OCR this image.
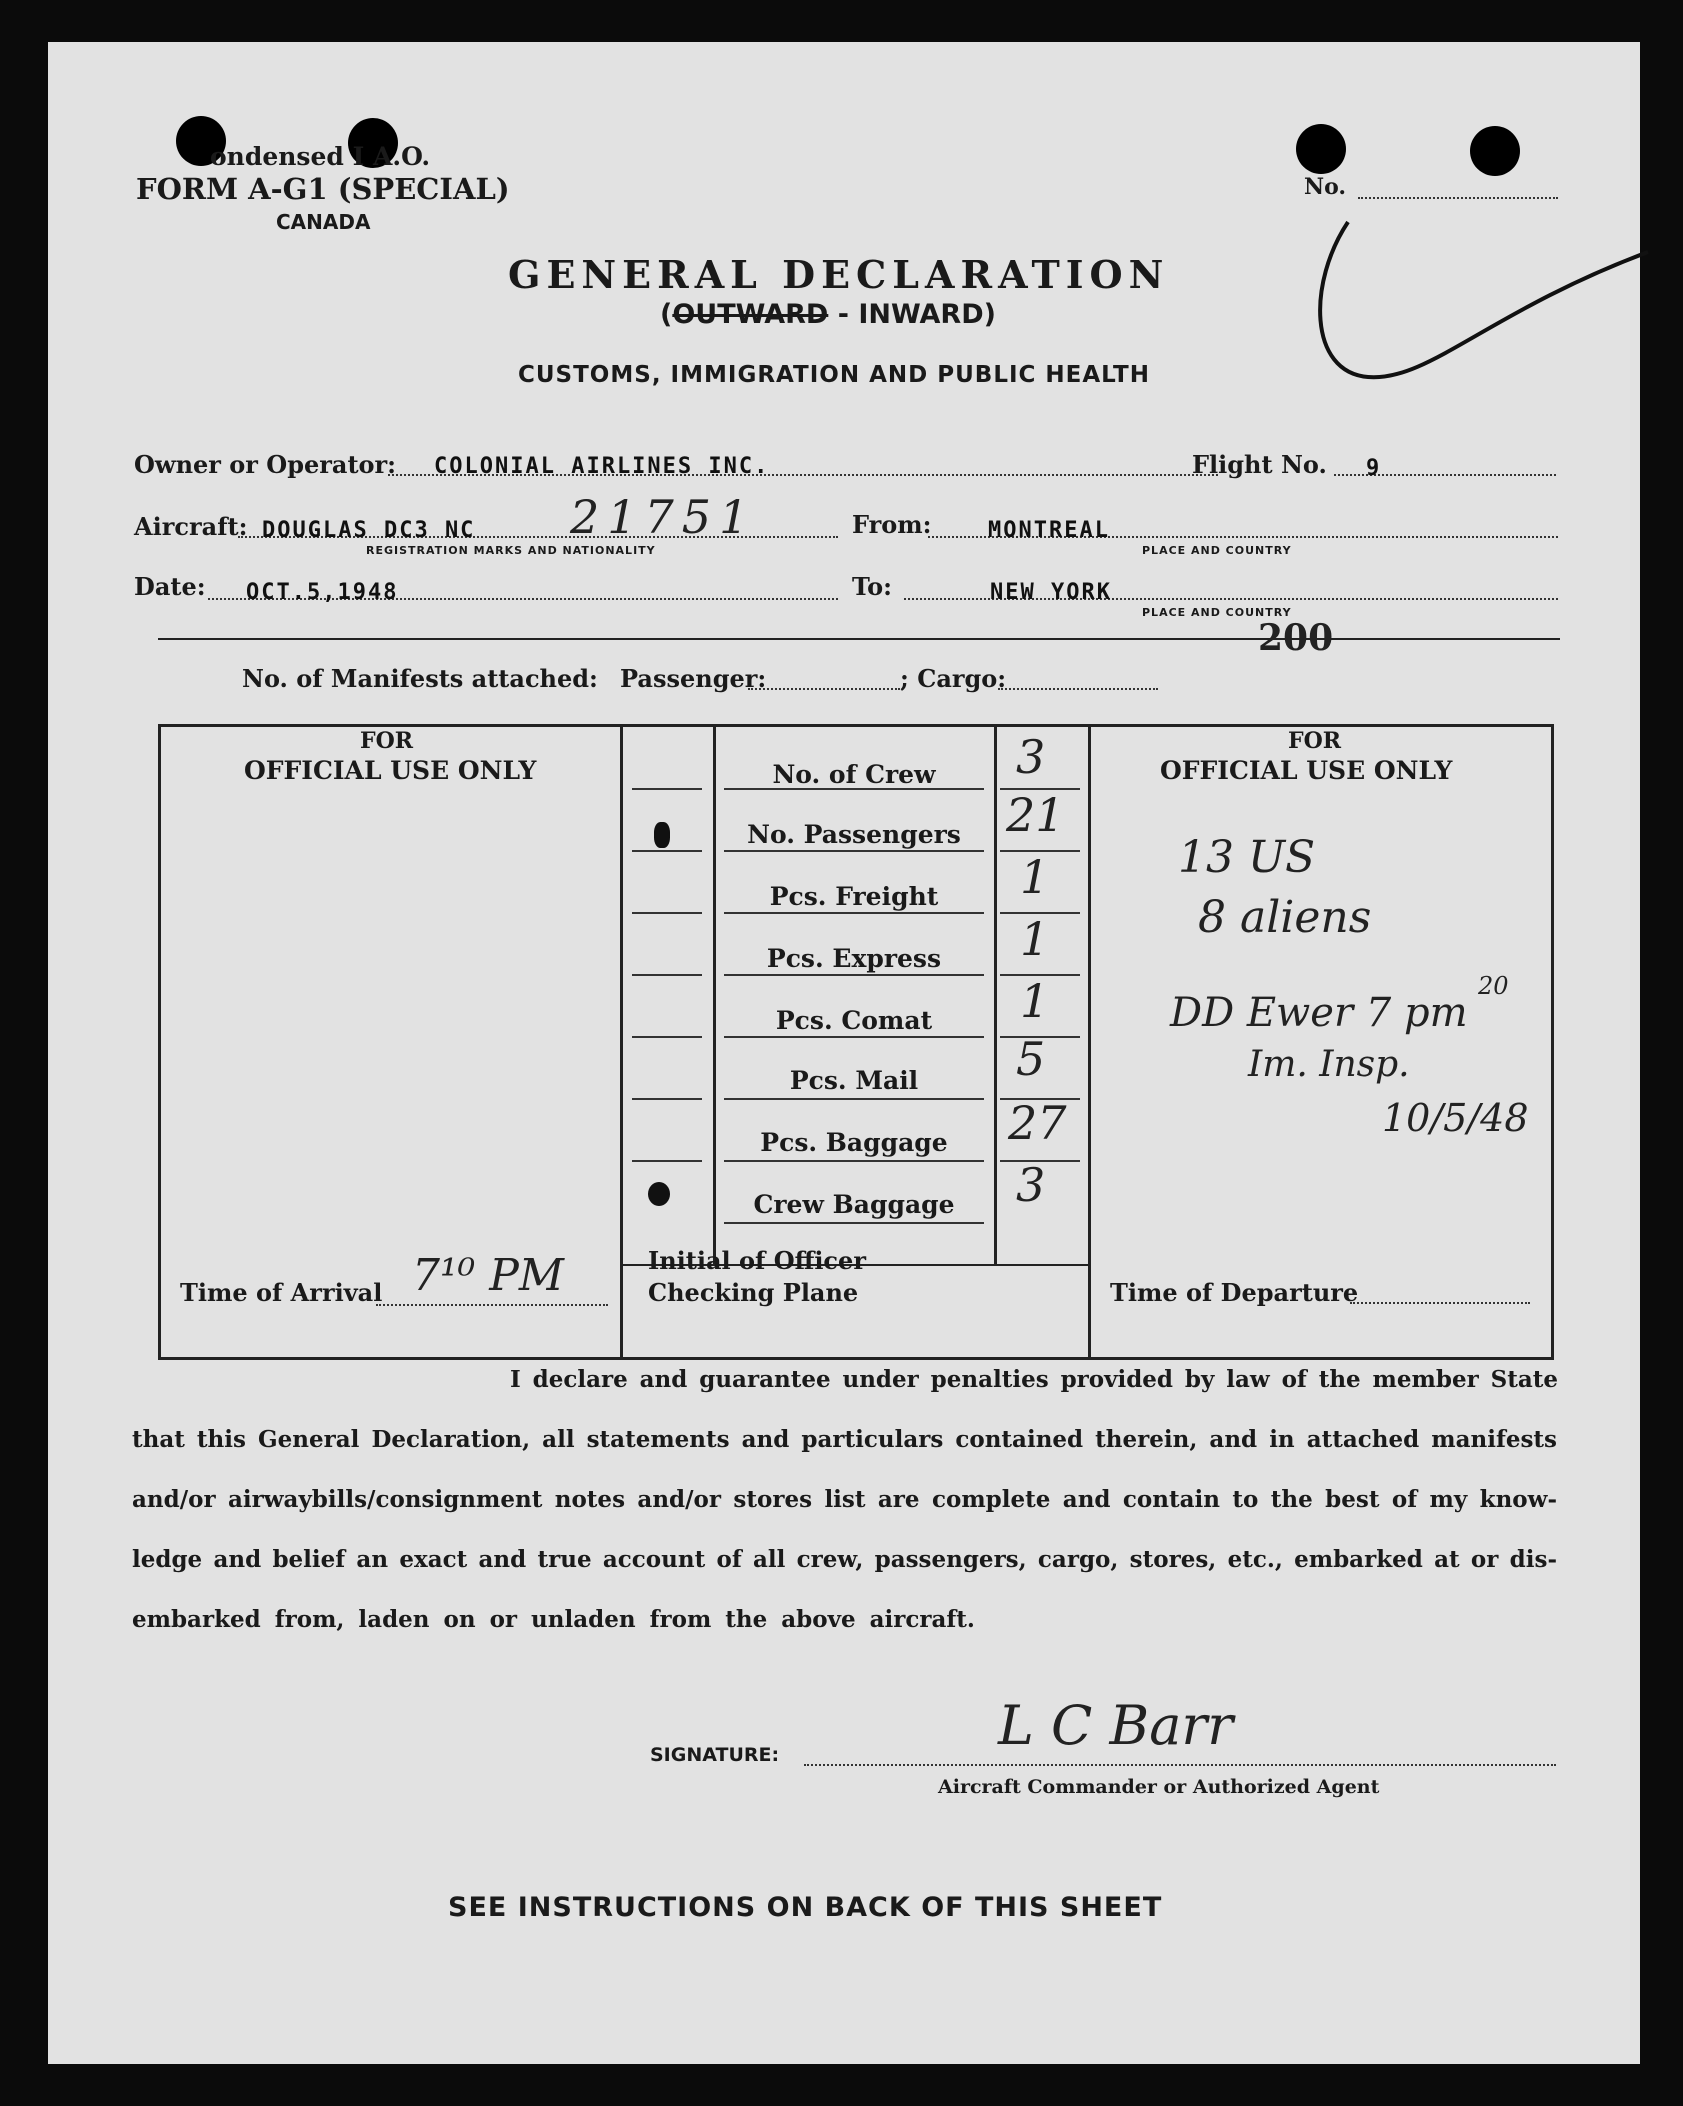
ondensed I A.O.
FORM A-G1 (SPECIAL)
CANADA
No.
GENERAL DECLARATION
(OUTWARD - INWARD)
CUSTOMS, IMMIGRATION AND PUBLIC HEALTH
Owner or Operator: COLONIAL AIRLINES INC.	Flight No. 9
Aircraft: DOUGLAS DC3 NC 21751
REGISTRATION MARKS AND NATIONALITY
From:	MONTREAL
PLACE AND COUNTRY
Date: OCT.5,1948	To:	NEW YORK
PLACE AND COUNTRY
200
No. of Manifests attached: Passenger:	; Cargo:
FOR
OFFICIAL USE ONLY
FOR
OFFICIAL USE ONLY
No. of Crew	3
No. Passengers 21
Pcs. Freight	1
Pcs. Express	1
Pcs. Comat	1
Pcs. Mail	5
Pcs. Baggage	27
Crew Baggage	3
Time of Arrival 7¹⁰ PM	Initial of Officer
Checking Plane	Time of Departure
13 US
8 aliens
DD Ewer 7 pm
20
Im. Insp.
10/5/48
I declare and guarantee under penalties provided by law of the member State
that this General Declaration, all statements and particulars contained therein, and in attached manifests
and/or airwaybills/consignment notes and/or stores list are complete and contain to the best of my know-
ledge and belief an exact and true account of all crew, passengers, cargo, stores, etc., embarked at or dis-
embarked from, laden on or unladen from the above aircraft.
SIGNATURE:	L C Barr
Aircraft Commander or Authorized Agent
SEE INSTRUCTIONS ON BACK OF THIS SHEET
